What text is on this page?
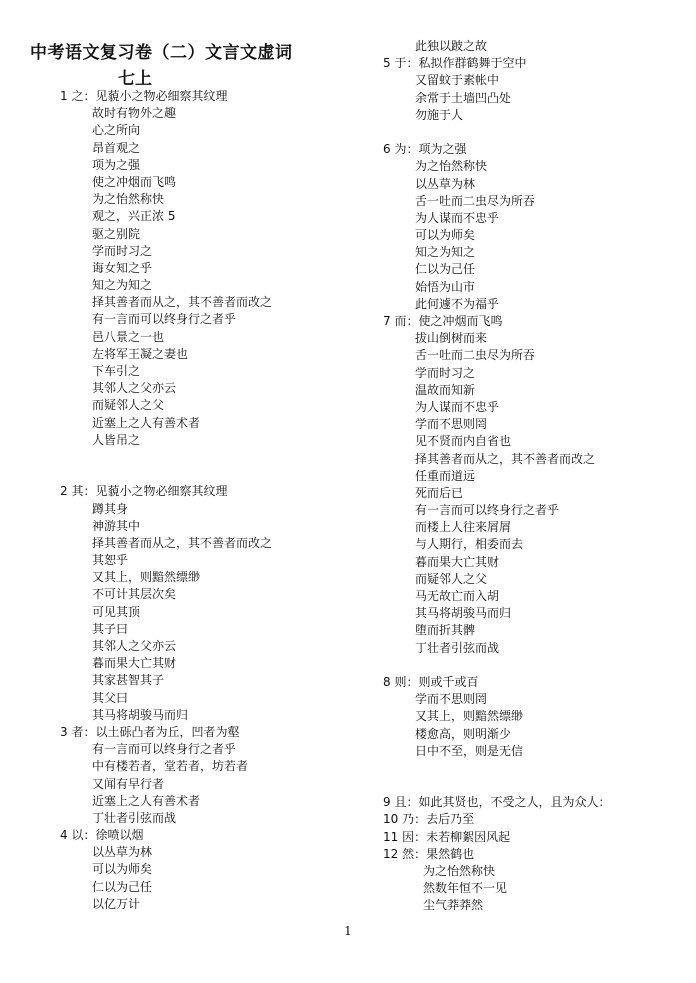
中考语文复习卷（二）文言文虚词
七上
1 之：见藐小之物必细察其纹理
故时有物外之趣
心之所向
昂首观之
项为之强
使之冲烟而飞鸣
为之怡然称快
观之，兴正浓 5
驱之别院
学而时习之
诲女知之乎
知之为知之
择其善者而从之，其不善者而改之
有一言而可以终身行之者乎
邑八景之一也
左将军王凝之妻也
下车引之
其邻人之父亦云
而疑邻人之父
近塞上之人有善术者
人皆吊之
2 其：见藐小之物必细察其纹理
蹲其身
神游其中
择其善者而从之，其不善者而改之
其恕乎
又其上，则黯然缥缈
不可计其层次矣
可见其顶
其子曰
其邻人之父亦云
暮而果大亡其财
其家甚智其子
其父曰
其马将胡骏马而归
3 者：以土砾凸者为丘，凹者为壑
有一言而可以终身行之者乎
中有楼若者，堂若者，坊若者
又闻有早行者
近塞上之人有善术者
丁壮者引弦而战
4 以：徐喷以烟
以丛草为林
可以为师矣
仁以为己任
以亿万计
此独以跛之故
5 于：私拟作群鹤舞于空中
又留蚊于素帐中
余常于土墙凹凸处
勿施于人
6 为：项为之强
为之怡然称快
以丛草为林
舌一吐而二虫尽为所吞
为人谋而不忠乎
可以为师矣
知之为知之
仁以为己任
始悟为山市
此何遽不为福乎
7 而：使之冲烟而飞鸣
拔山倒树而来
舌一吐而二虫尽为所吞
学而时习之
温故而知新
为人谋而不忠乎
学而不思则罔
见不贤而内自省也
择其善者而从之，其不善者而改之
任重而道远
死而后已
有一言而可以终身行之者乎
而楼上人往来屑屑
与人期行，相委而去
暮而果大亡其财
而疑邻人之父
马无故亡而入胡
其马将胡骏马而归
堕而折其髀
丁壮者引弦而战
8 则：则或千或百
学而不思则罔
又其上，则黯然缥缈
楼愈高，则明渐少
日中不至，则是无信
9 且：如此其贤也，不受之人，且为众人：
10 乃：去后乃至
11 因：未若柳絮因风起
12 然：果然鹤也
为之怡然称快
然数年恒不一见
尘气莽莽然
1
